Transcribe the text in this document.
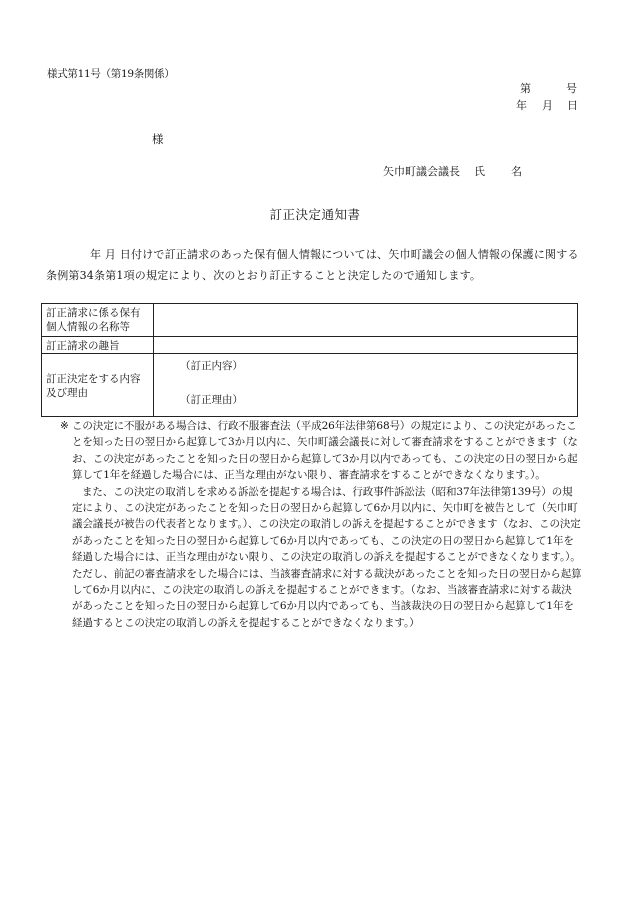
様式第11号（第19条関係）
第	号
年 月 日
様
矢巾町議会議長 氏名
訂正決定通知書
年 月 日付けで訂正請求のあった保有個人情報については、矢巾町議会の個人情報の保護に関する条例第34条第1項の規定により、次のとおり訂正することと決定したので通知します。
訂正請求に係る保有個人情報の名称等	
訂正請求の趣旨	
訂正決定をする内容及び理由	（訂正内容）
（訂正理由）
※ この決定に不服がある場合は、行政不服審査法（平成26年法律第68号）の規定により、この決定があったことを知った日の翌日から起算して3か月以内に、矢巾町議会議長に対して審査請求をすることができます（なお、この決定があったことを知った日の翌日から起算して3か月以内であっても、この決定の日の翌日から起算して1年を経過した場合には、正当な理由がない限り、審査請求をすることができなくなります。）。
また、この決定の取消しを求める訴訟を提起する場合は、行政事件訴訟法（昭和37年法律第139号）の規定により、この決定があったことを知った日の翌日から起算して6か月以内に、矢巾町を被告として（矢巾町議会議長が被告の代表者となります。）、この決定の取消しの訴えを提起することができます（なお、この決定があったことを知った日の翌日から起算して6か月以内であっても、この決定の日の翌日から起算して1年を経過した場合には、正当な理由がない限り、この決定の取消しの訴えを提起することができなくなります。）。
ただし、前記の審査請求をした場合には、当該審査請求に対する裁決があったことを知った日の翌日から起算して6か月以内に、この決定の取消しの訴えを提起することができます。（なお、当該審査請求に対する裁決があったことを知った日の翌日から起算して6か月以内であっても、当該裁決の日の翌日から起算して1年を経過するとこの決定の取消しの訴えを提起することができなくなります。）
